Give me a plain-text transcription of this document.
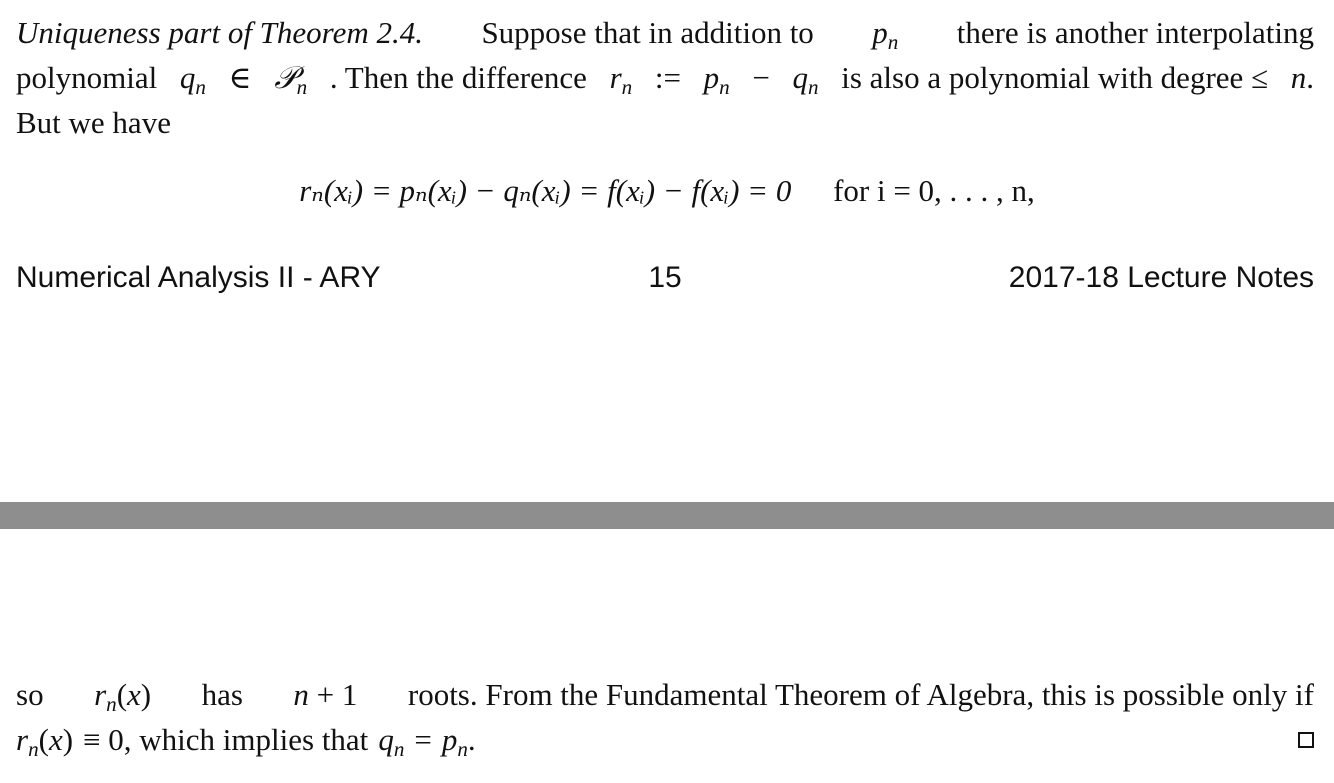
Uniqueness part of Theorem 2.4. Suppose that in addition to $p_n$ there is another interpolating
polynomial $q_n$ ∈ 𝒫$_n$ . Then the difference $r_n$ := $p_n - q_n$ is also a polynomial with degree ≤ n.
But we have
rₙ(xᵢ) = pₙ(xᵢ) − qₙ(xᵢ) = f(xᵢ) − f(xᵢ) = 0 for i = 0, . . . , n,
Numerical Analysis II - ARY	15	2017-18 Lecture Notes
so $r_n(x)$ has n + 1 roots. From the Fundamental Theorem of Algebra, this is possible only if
$r_n(x) \equiv 0$, which implies that $q_n = p_n$.
